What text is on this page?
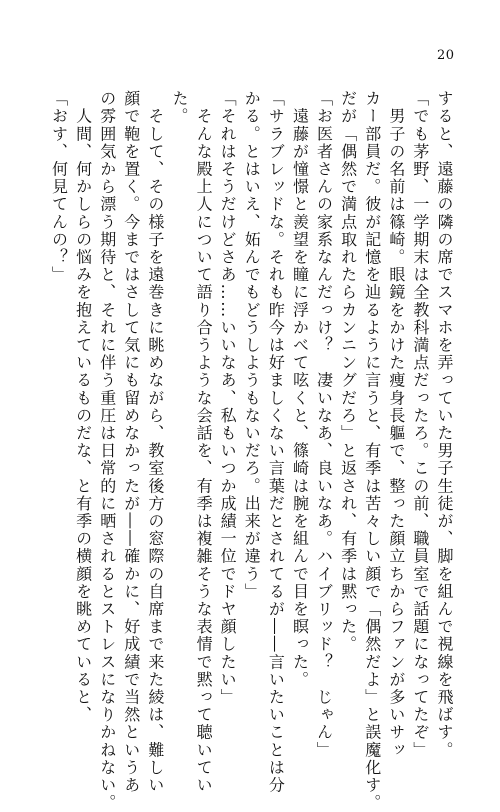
20
すると、遠藤の隣の席でスマホを弄っていた男子生徒が、脚を組んで視線を飛ばす。
「でも茅野、一学期末は全教科満点だったろ。この前、職員室で話題になってたぞ」
　男子の名前は篠崎。眼鏡をかけた痩身長軀で、整った顔立ちからファンが多いサッ
カー部員だ。彼が記憶を辿るように言うと、有季は苦々しい顔で「偶然だよ」と誤魔化す。
だが「偶然で満点取れたらカンニングだろ」と返され、有季は黙った。
「お医者さんの家系なんだっけ？　凄いなあ、良いなあ。ハイブリッド？　じゃん」
　遠藤が憧憬と羨望を瞳に浮かべて呟くと、篠崎は腕を組んで目を瞑った。
「サラブレッドな。それも昨今は好ましくない言葉だとされてるが――言いたいことは分
かる。とはいえ、妬んでもどうしようもないだろ。出来が違う」
「それはそうだけどさあ……いいなあ、私もいつか成績一位でドヤ顔したい」
　そんな殿上人について語り合うような会話を、有季は複雑そうな表情で黙って聴いてい
た。
　そして、その様子を遠巻きに眺めながら、教室後方の窓際の自席まで来た綾は、難しい
顔で鞄を置く。今まではさして気にも留めなかったが――確かに、好成績で当然というあ
の雰囲気から漂う期待と、それに伴う重圧は日常的に晒されるとストレスになりかねない。
　人間、何かしらの悩みを抱えているものだな、と有季の横顔を眺めていると、
「おす、何見てんの？」
